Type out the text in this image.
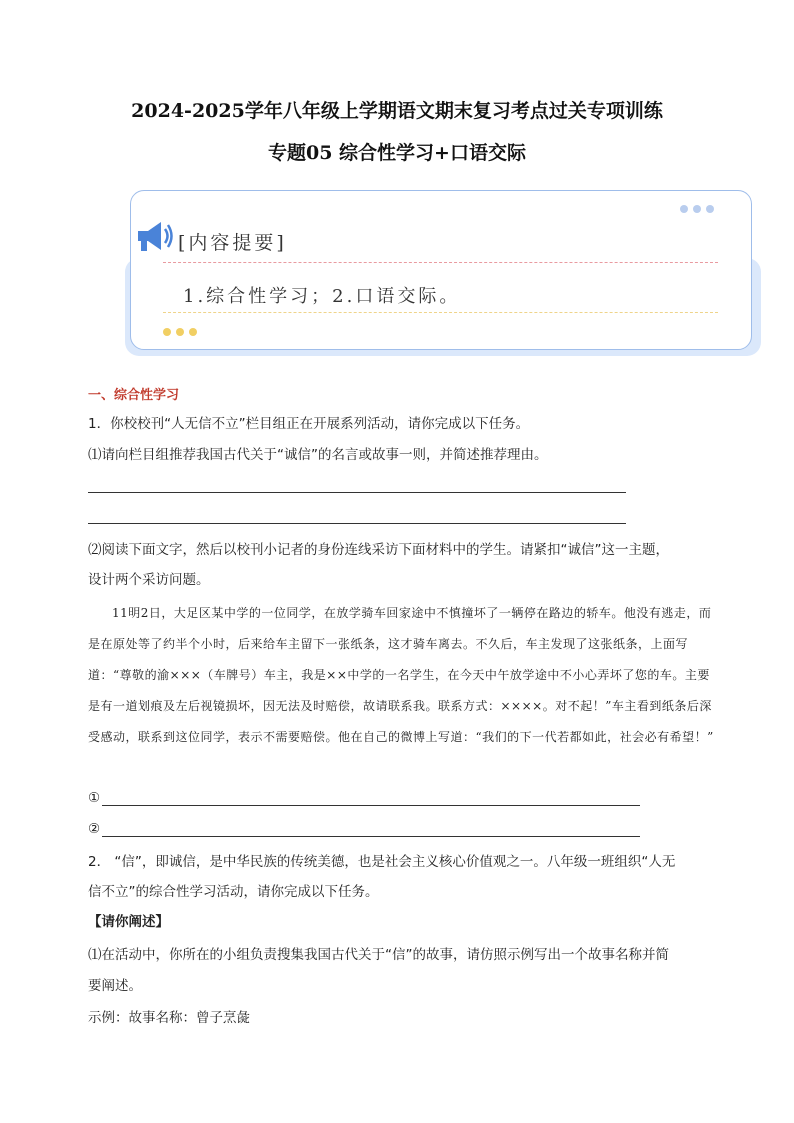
2024-2025学年八年级上学期语文期末复习考点过关专项训练
专题05 综合性学习+口语交际
[内容提要]
1.综合性学习；2.口语交际。
一、综合性学习
1．你校校刊“人无信不立”栏目组正在开展系列活动，请你完成以下任务。
⑴请向栏目组推荐我国古代关于“诚信”的名言或故事一则，并简述推荐理由。
⑵阅读下面文字，然后以校刊小记者的身份连线采访下面材料中的学生。请紧扣“诚信”这一主题，
设计两个采访问题。
11明2日，大足区某中学的一位同学，在放学骑车回家途中不慎撞坏了一辆停在路边的轿车。他没有逃走，而是在原处等了约半个小时，后来给车主留下一张纸条，这才骑车离去。不久后，车主发现了这张纸条，上面写道：“尊敬的渝×××（车牌号）车主，我是××中学的一名学生，在今天中午放学途中不小心弄坏了您的车。主要是有一道划痕及左后视镜损坏，因无法及时赔偿，故请联系我。联系方式：××××。对不起！”车主看到纸条后深受感动，联系到这位同学，表示不需要赔偿。他在自己的微博上写道：“我们的下一代若都如此，社会必有希望！”
①
②
2． “信”，即诚信，是中华民族的传统美德，也是社会主义核心价值观之一。八年级一班组织“人无
信不立”的综合性学习活动，请你完成以下任务。
【请你阐述】
⑴在活动中，你所在的小组负责搜集我国古代关于“信”的故事，请仿照示例写出一个故事名称并简
要阐述。
示例：故事名称：曾子烹彘
